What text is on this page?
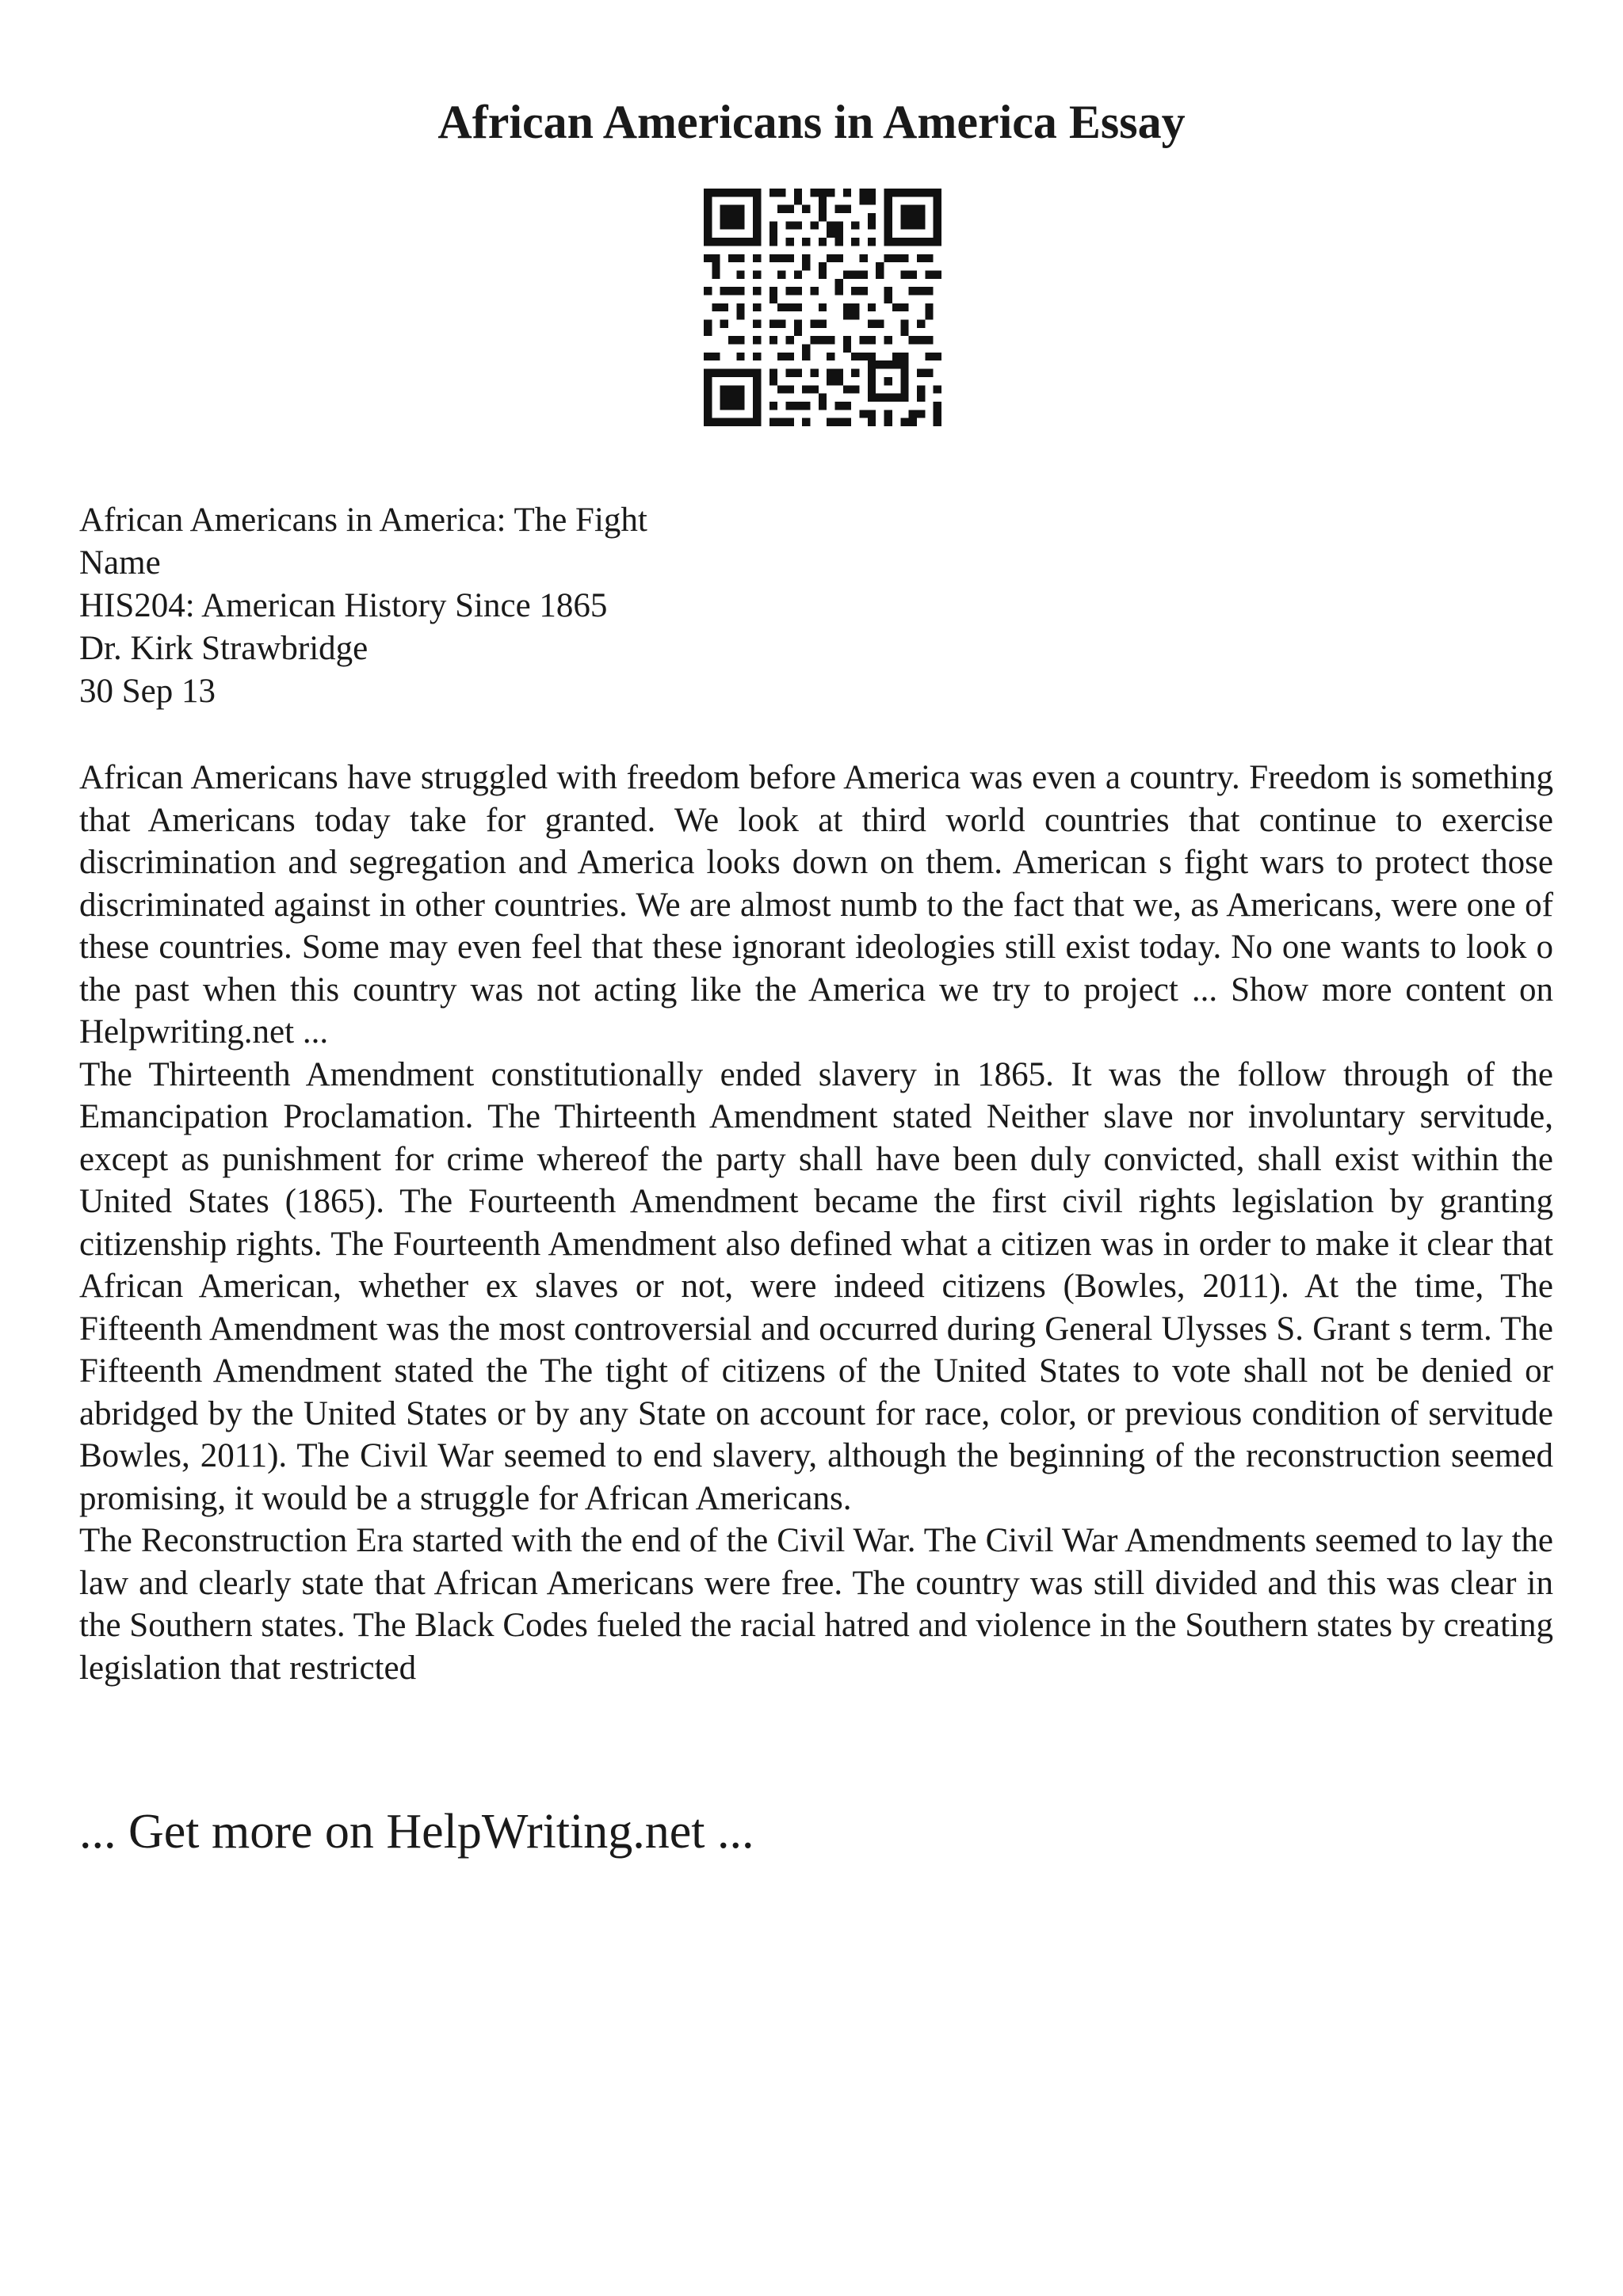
African Americans in America Essay
African Americans in America: The Fight
Name
HIS204: American History Since 1865
Dr. Kirk Strawbridge
30 Sep 13

African Americans have struggled with freedom before America was even a country. Freedom is something that Americans today take for granted. We look at third world countries that continue to exercise discrimination and segregation and America looks down on them. American s fight wars to protect those discriminated against in other countries. We are almost numb to the fact that we, as Americans, were one of these countries. Some may even feel that these ignorant ideologies still exist today. No one wants to look o the past when this country was not acting like the America we try to project ... Show more content on Helpwriting.net ...

The Thirteenth Amendment constitutionally ended slavery in 1865. It was the follow through of the Emancipation Proclamation. The Thirteenth Amendment stated Neither slave nor involuntary servitude, except as punishment for crime whereof the party shall have been duly convicted, shall exist within the United States (1865). The Fourteenth Amendment became the first civil rights legislation by granting citizenship rights. The Fourteenth Amendment also defined what a citizen was in order to make it clear that African American, whether ex slaves or not, were indeed citizens (Bowles, 2011). At the time, The Fifteenth Amendment was the most controversial and occurred during General Ulysses S. Grant s term. The Fifteenth Amendment stated the The tight of citizens of the United States to vote shall not be denied or abridged by the United States or by any State on account for race, color, or previous condition of servitude Bowles, 2011). The Civil War seemed to end slavery, although the beginning of the reconstruction seemed promising, it would be a struggle for African Americans.

The Reconstruction Era started with the end of the Civil War. The Civil War Amendments seemed to lay the law and clearly state that African Americans were free. The country was still divided and this was clear in the Southern states. The Black Codes fueled the racial hatred and violence in the Southern states by creating legislation that restricted

... Get more on HelpWriting.net ...
